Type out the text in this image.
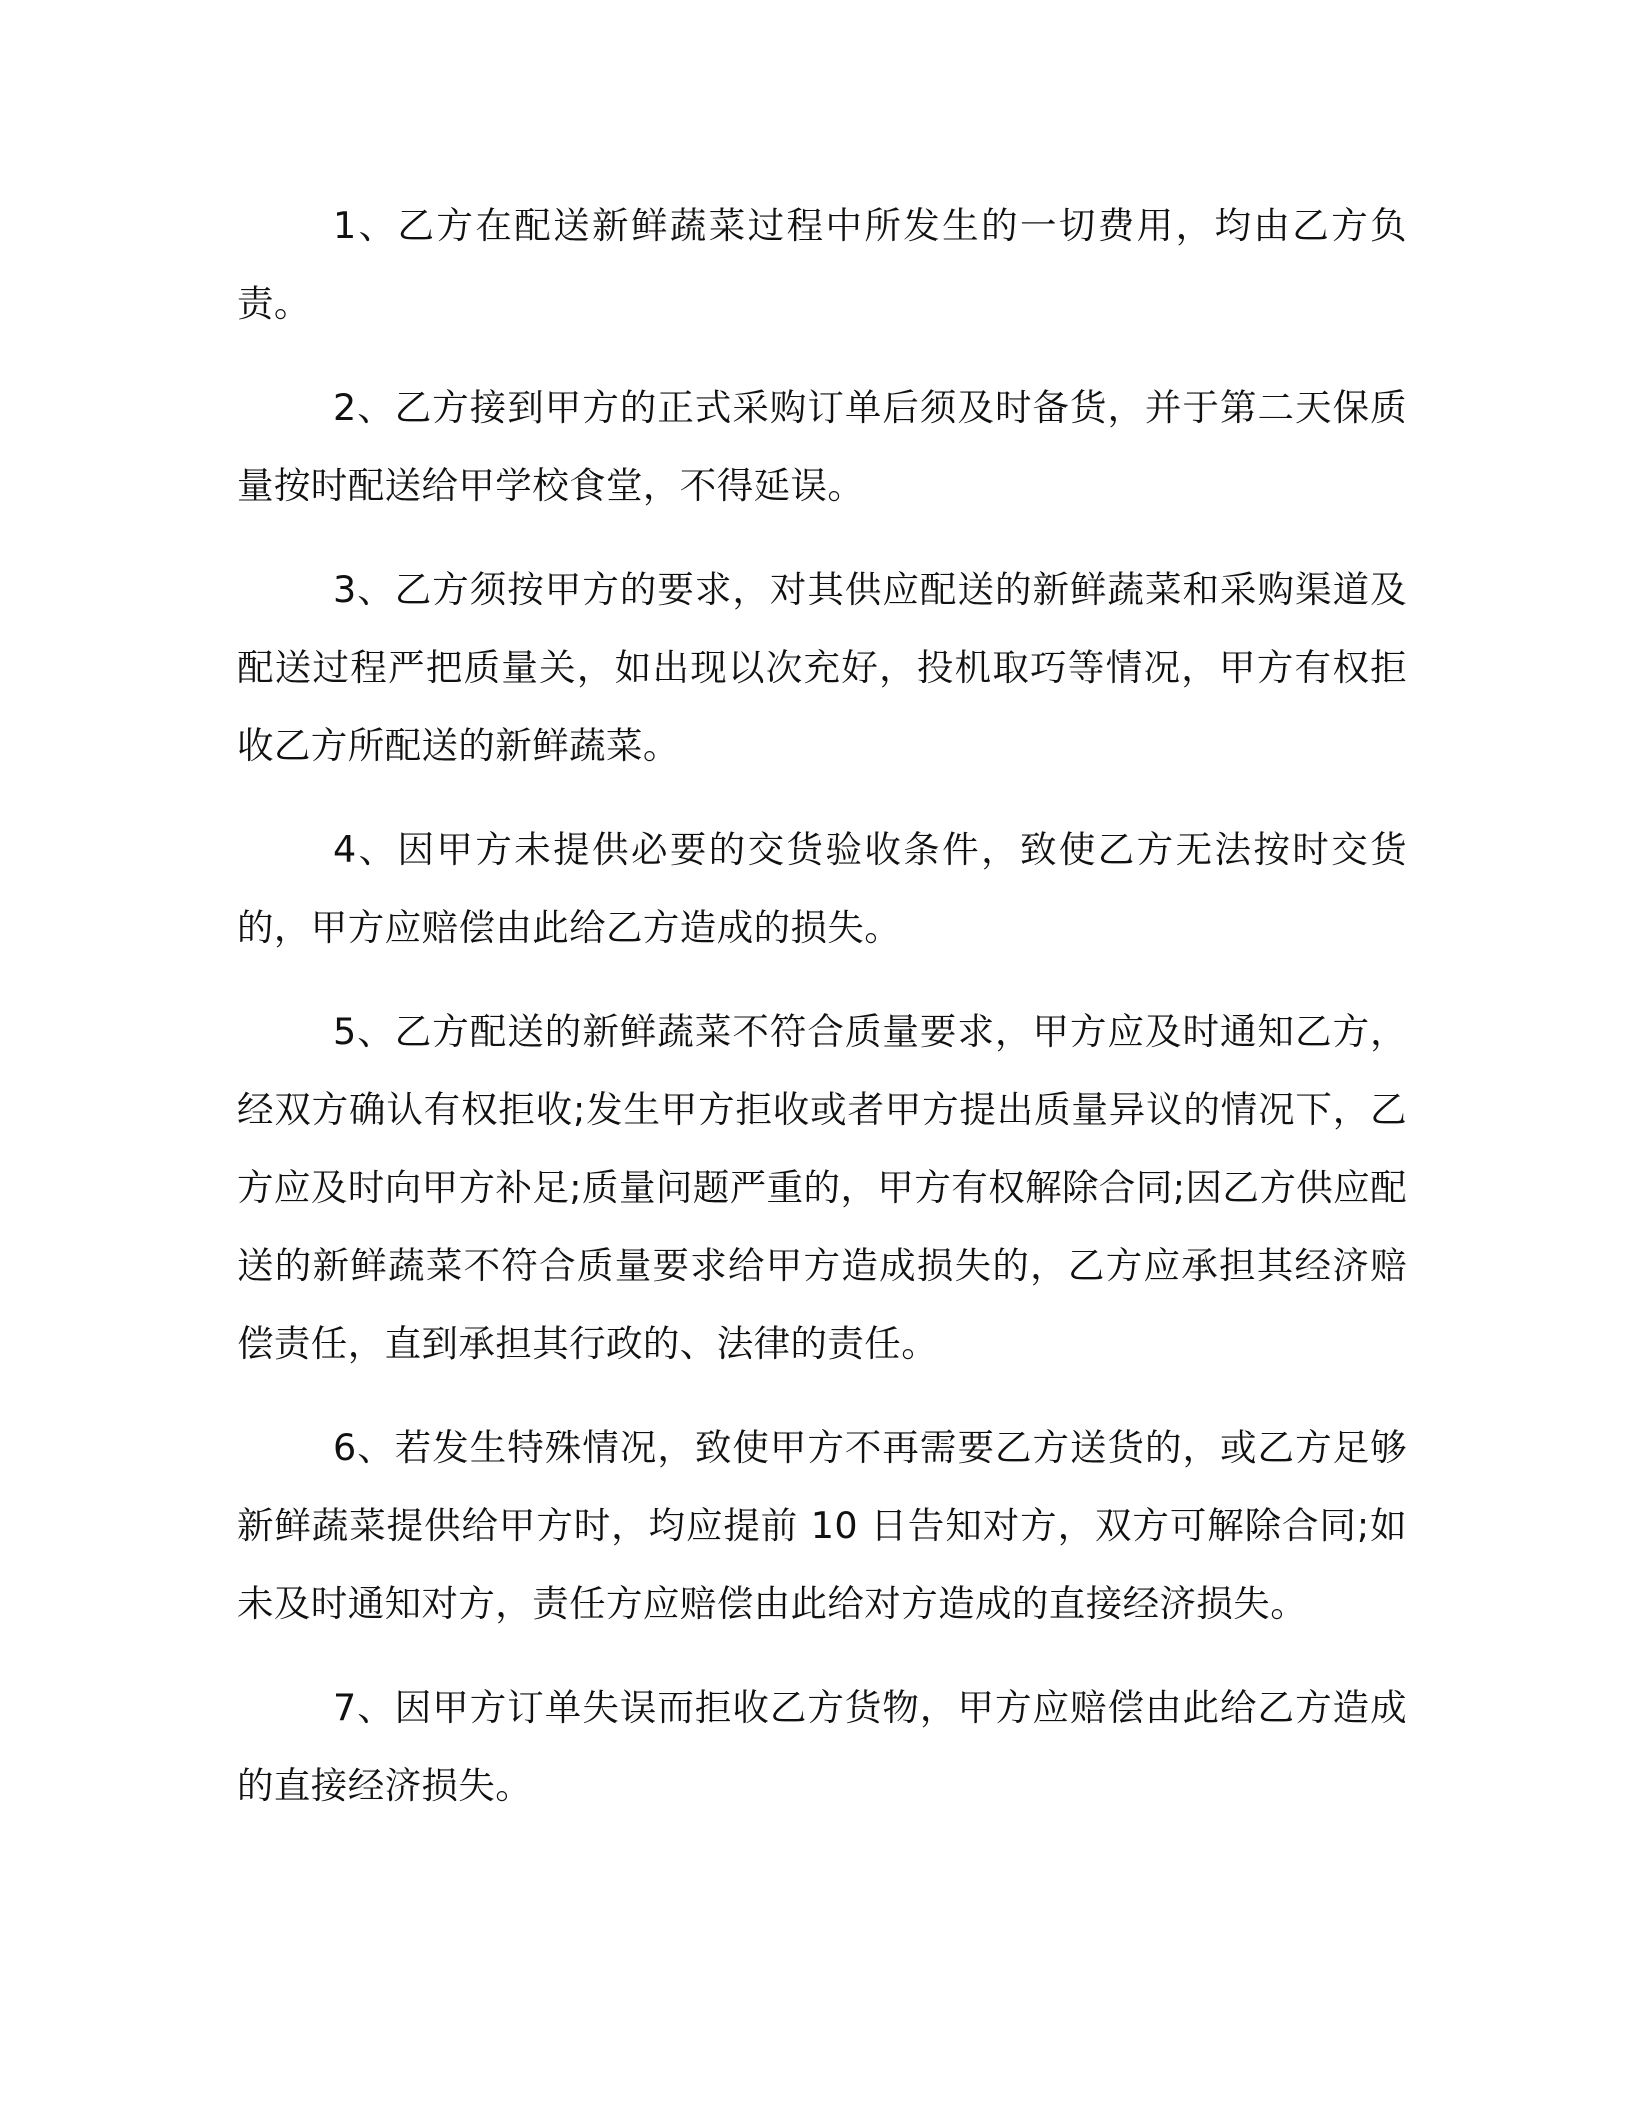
1、乙方在配送新鲜蔬菜过程中所发生的一切费用，均由乙方负责。

2、乙方接到甲方的正式采购订单后须及时备货，并于第二天保质量按时配送给甲学校食堂，不得延误。

3、乙方须按甲方的要求，对其供应配送的新鲜蔬菜和采购渠道及配送过程严把质量关，如出现以次充好，投机取巧等情况，甲方有权拒收乙方所配送的新鲜蔬菜。

4、因甲方未提供必要的交货验收条件，致使乙方无法按时交货的，甲方应赔偿由此给乙方造成的损失。

5、乙方配送的新鲜蔬菜不符合质量要求，甲方应及时通知乙方，经双方确认有权拒收;发生甲方拒收或者甲方提出质量异议的情况下，乙方应及时向甲方补足;质量问题严重的，甲方有权解除合同;因乙方供应配送的新鲜蔬菜不符合质量要求给甲方造成损失的，乙方应承担其经济赔偿责任，直到承担其行政的、法律的责任。

6、若发生特殊情况，致使甲方不再需要乙方送货的，或乙方足够新鲜蔬菜提供给甲方时，均应提前 10 日告知对方，双方可解除合同;如未及时通知对方，责任方应赔偿由此给对方造成的直接经济损失。

7、因甲方订单失误而拒收乙方货物，甲方应赔偿由此给乙方造成的直接经济损失。
